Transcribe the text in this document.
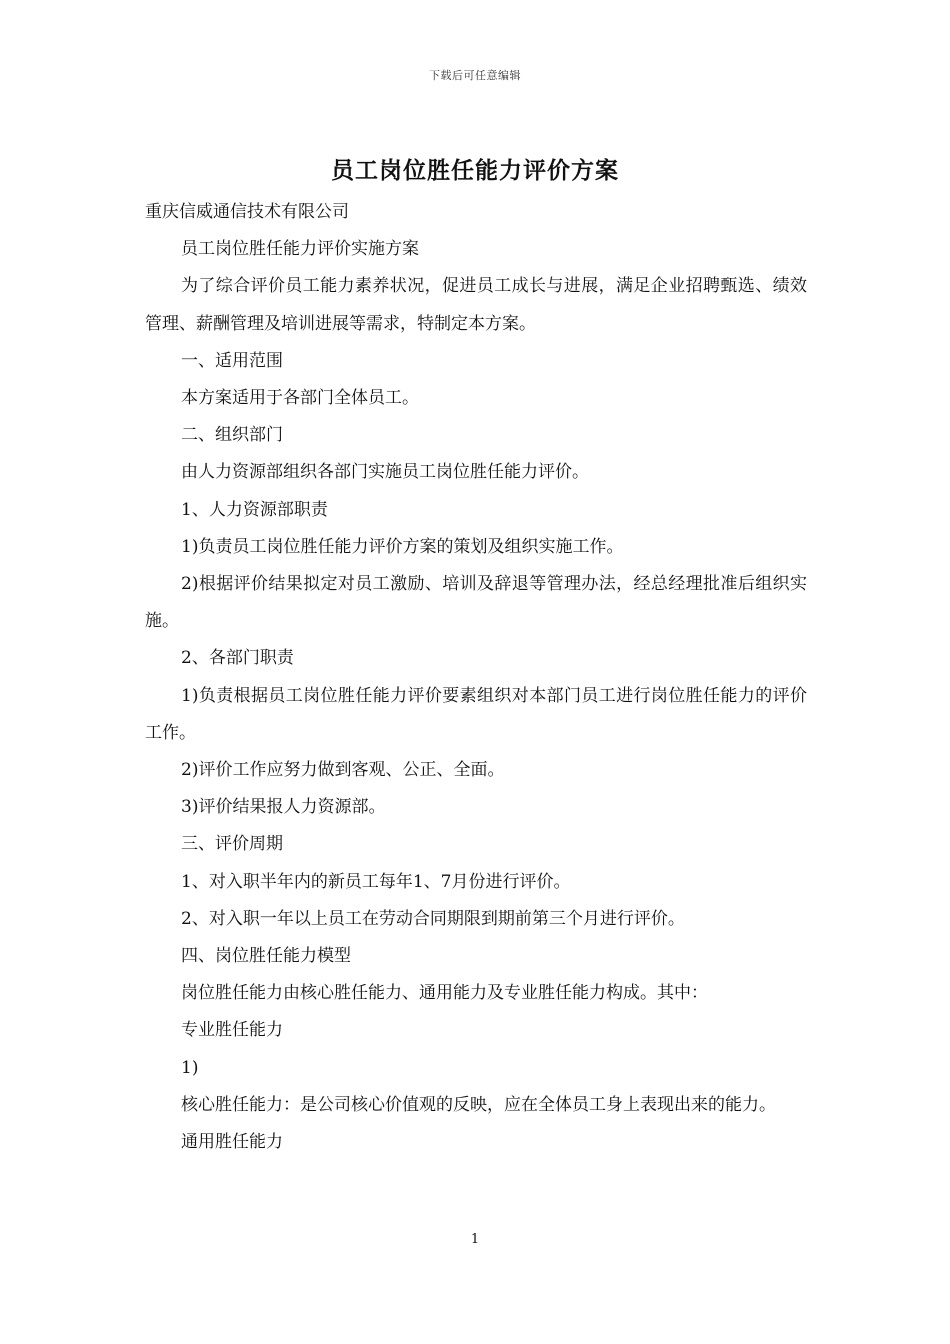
下载后可任意编辑
员工岗位胜任能力评价方案

重庆信威通信技术有限公司

员工岗位胜任能力评价实施方案

为了综合评价员工能力素养状况，促进员工成长与进展，满足企业招聘甄选、绩效管理、薪酬管理及培训进展等需求，特制定本方案。

一、适用范围

本方案适用于各部门全体员工。

二、组织部门

由人力资源部组织各部门实施员工岗位胜任能力评价。

1、人力资源部职责

1)负责员工岗位胜任能力评价方案的策划及组织实施工作。

2)根据评价结果拟定对员工激励、培训及辞退等管理办法，经总经理批准后组织实施。

2、各部门职责

1)负责根据员工岗位胜任能力评价要素组织对本部门员工进行岗位胜任能力的评价工作。

2)评价工作应努力做到客观、公正、全面。

3)评价结果报人力资源部。

三、评价周期

1、对入职半年内的新员工每年1、7月份进行评价。

2、对入职一年以上员工在劳动合同期限到期前第三个月进行评价。

四、岗位胜任能力模型

岗位胜任能力由核心胜任能力、通用能力及专业胜任能力构成。其中：

专业胜任能力

1)

核心胜任能力：是公司核心价值观的反映，应在全体员工身上表现出来的能力。

通用胜任能力

1
